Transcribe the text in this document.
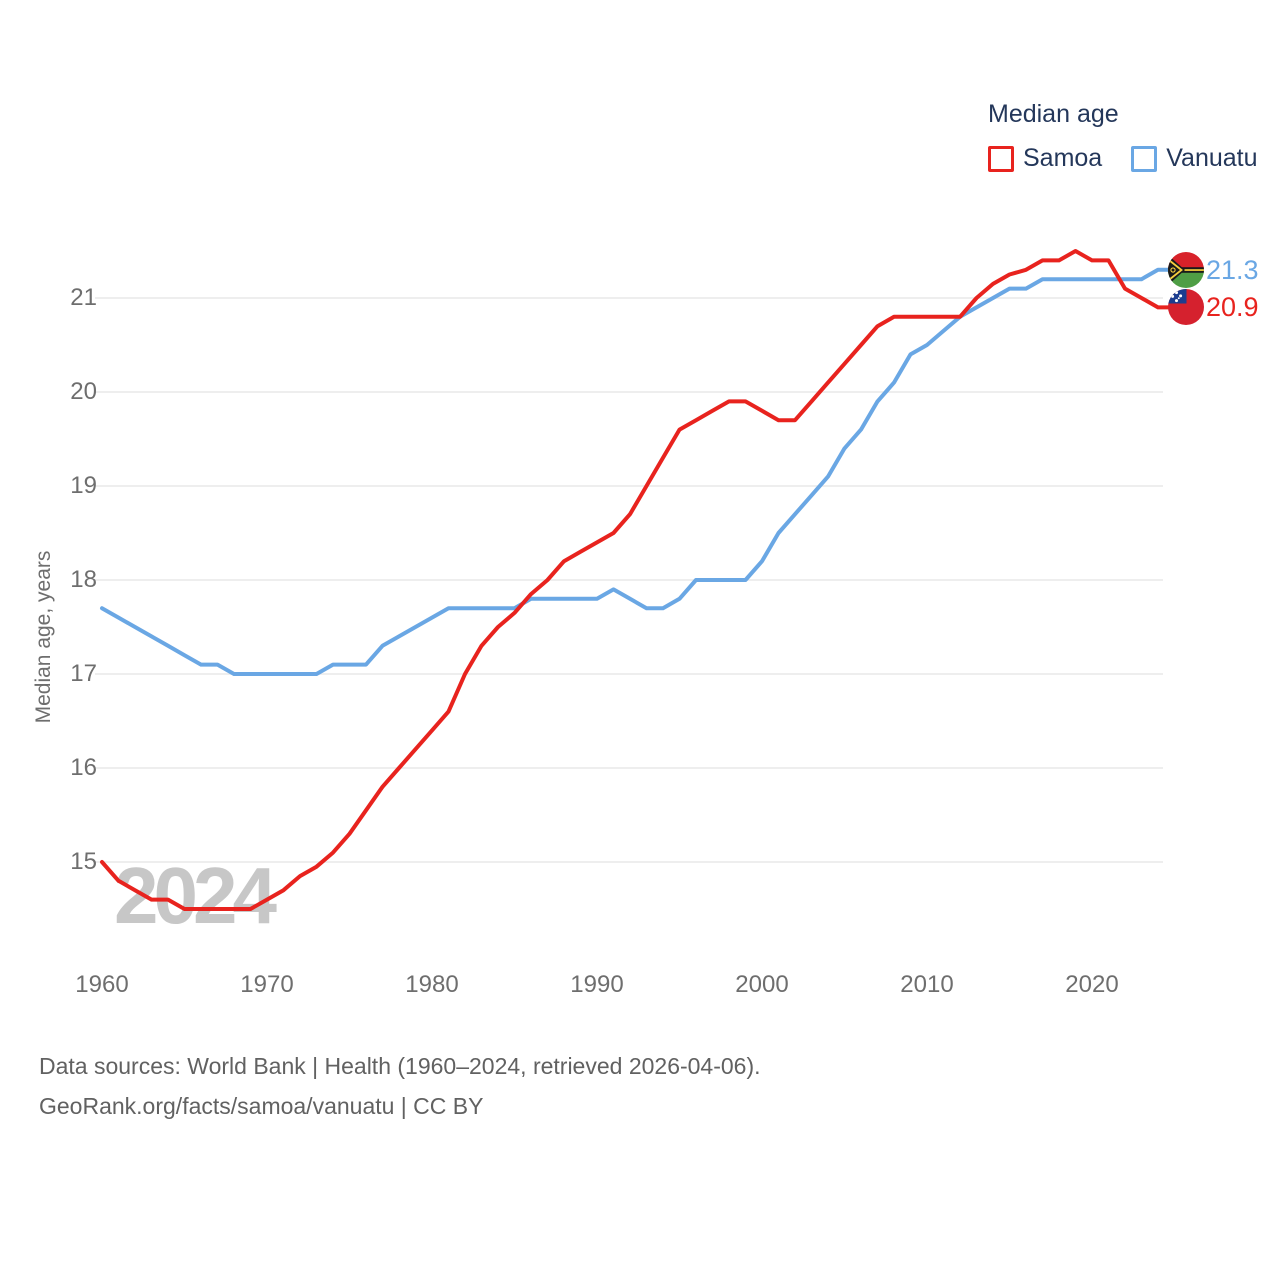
2024
Median age
Samoa	Vanuatu
Median age, years
15
16
17
18
19
20
21
1960	1970	1980	1990	2000	2010	2020
21.3
20.9
Data sources: World Bank | Health (1960–2024, retrieved 2026-04-06).
GeoRank.org/facts/samoa/vanuatu | CC BY
